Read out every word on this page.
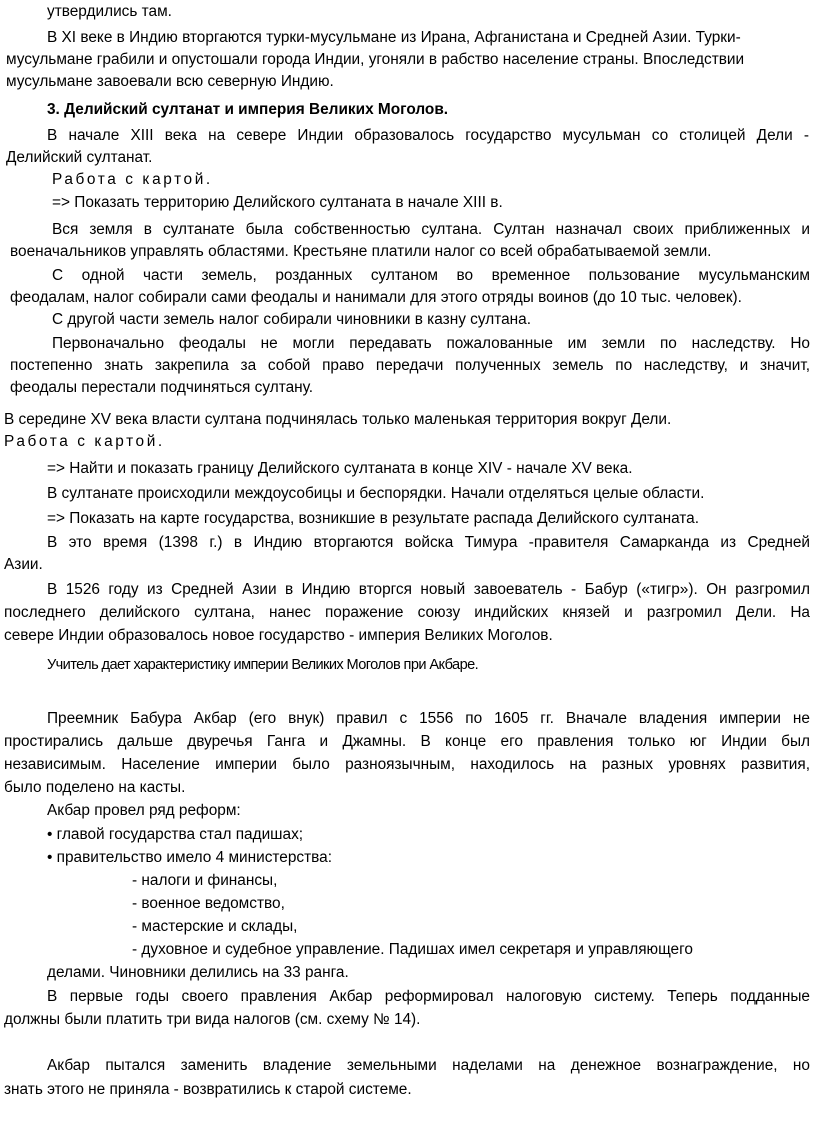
утвердились там.
В XI веке в Индию вторгаются турки-мусульмане из Ирана, Афганистана и Средней Азии. Турки-
мусульмане грабили и опустошали города Индии, угоняли в рабство население страны. Впоследствии
мусульмане завоевали всю северную Индию.
3. Делийский султанат и империя Великих Моголов.
В начале XIII века на севере Индии образовалось государство мусульман со столицей Дели -
Делийский султанат.
Работа с картой.
=> Показать территорию Делийского султаната в начале XIII в.
Вся земля в султанате была собственностью султана. Султан назначал своих приближенных и
военачальников управлять областями. Крестьяне платили налог со всей обрабатываемой земли.
С одной части земель, розданных султаном во временное пользование мусульманским
феодалам, налог собирали сами феодалы и нанимали для этого отряды воинов (до 10 тыс. человек).
С другой части земель налог собирали чиновники в казну султана.
Первоначально феодалы не могли передавать пожалованные им земли по наследству. Но
постепенно знать закрепила за собой право передачи полученных земель по наследству, и значит,
феодалы перестали подчиняться султану.
В середине XV века власти султана подчинялась только маленькая территория вокруг Дели.
Работа с картой.
=> Найти и показать границу Делийского султаната в конце XIV - начале XV века.
В султанате происходили междоусобицы и беспорядки. Начали отделяться целые области.
=> Показать на карте государства, возникшие в результате распада Делийского султаната.
В это время (1398 г.) в Индию вторгаются войска Тимура -правителя Самарканда из Средней
Азии.
В 1526 году из Средней Азии в Индию вторгся новый завоеватель - Бабур («тигр»). Он разгромил
последнего делийского султана, нанес поражение союзу индийских князей и разгромил Дели. На
севере Индии образовалось новое государство - империя Великих Моголов.
Учитель дает характеристику империи Великих Моголов при Акбаре.
Преемник Бабура Акбар (его внук) правил с 1556 по 1605 гг. Вначале владения империи не
простирались дальше двуречья Ганга и Джамны. В конце его правления только юг Индии был
независимым. Население империи было разноязычным, находилось на разных уровнях развития,
было поделено на касты.
Акбар провел ряд реформ:
• главой государства стал падишах;
• правительство имело 4 министерства:
- налоги и финансы,
- военное ведомство,
- мастерские и склады,
- духовное и судебное управление. Падишах имел секретаря и управляющего
делами. Чиновники делились на 33 ранга.
В первые годы своего правления Акбар реформировал налоговую систему. Теперь подданные
должны были платить три вида налогов (см. схему № 14).
Акбар пытался заменить владение земельными наделами на денежное вознаграждение, но
знать этого не приняла - возвратились к старой системе.
